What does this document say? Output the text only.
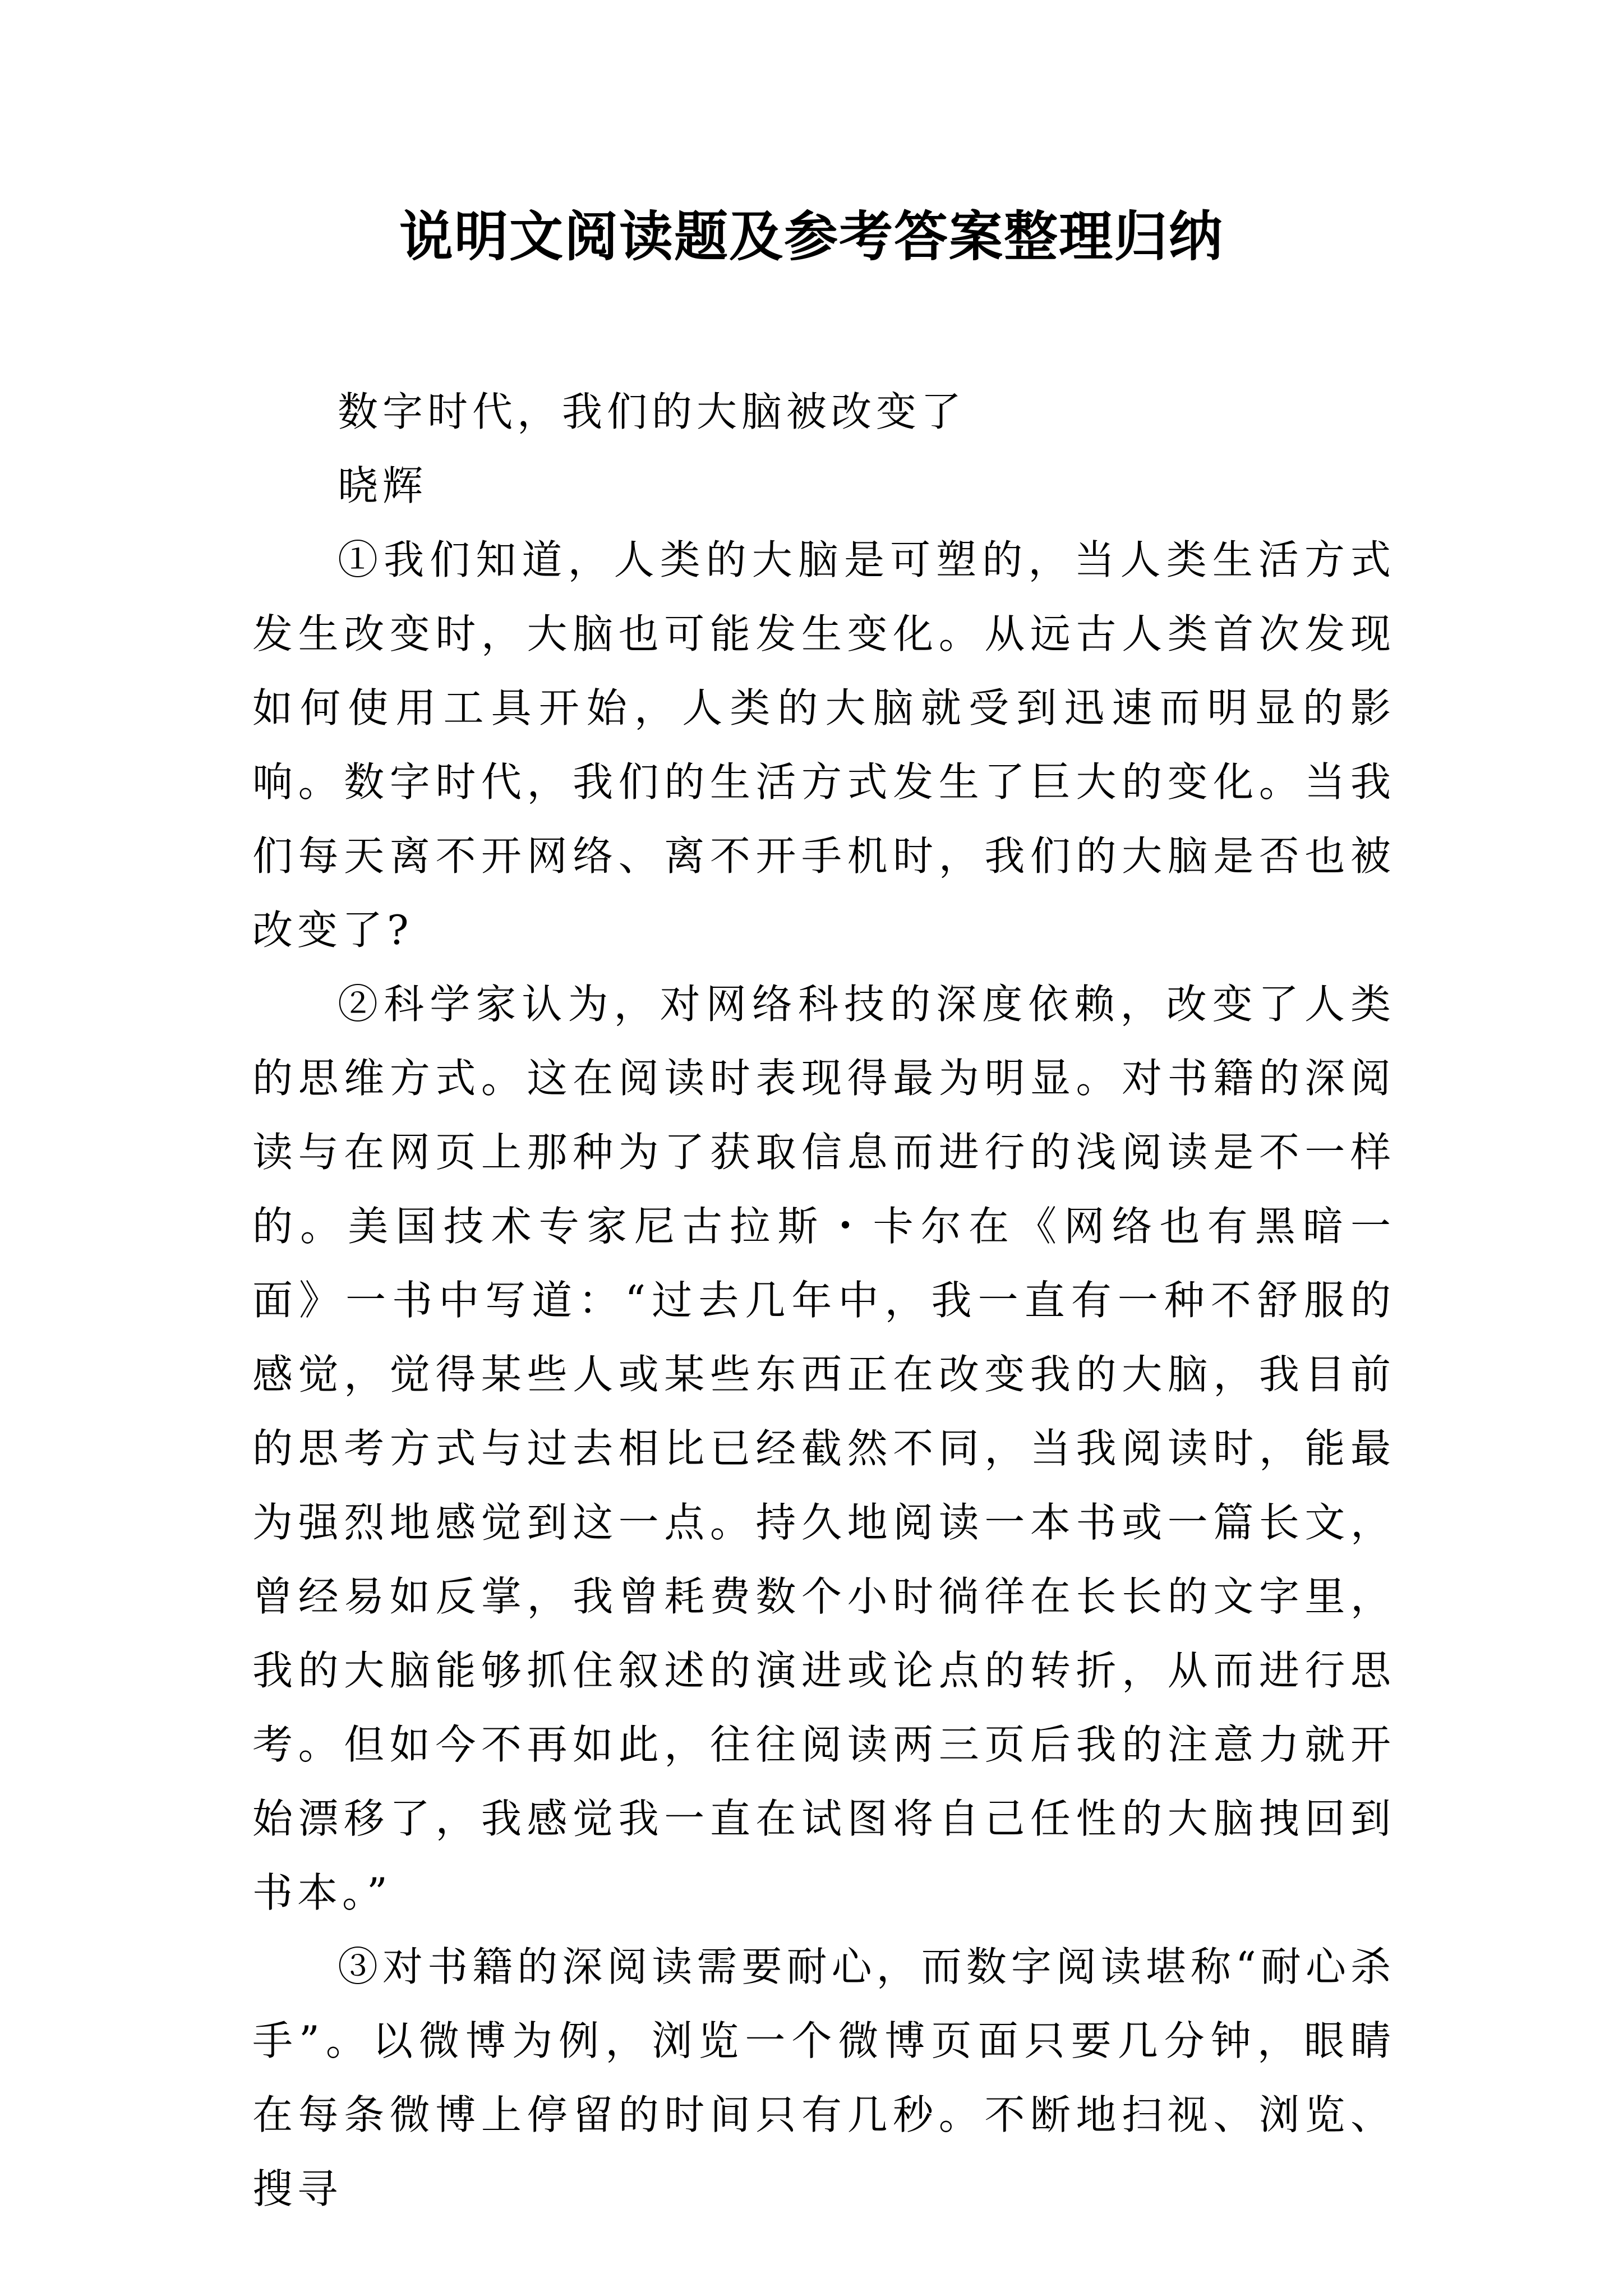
说明文阅读题及参考答案整理归纳

数字时代，我们的大脑被改变了

晓辉

①我们知道，人类的大脑是可塑的，当人类生活方式发生改变时，大脑也可能发生变化。从远古人类首次发现如何使用工具开始，人类的大脑就受到迅速而明显的影响。数字时代，我们的生活方式发生了巨大的变化。当我们每天离不开网络、离不开手机时，我们的大脑是否也被改变了?

②科学家认为，对网络科技的深度依赖，改变了人类的思维方式。这在阅读时表现得最为明显。对书籍的深阅读与在网页上那种为了获取信息而进行的浅阅读是不一样的。美国技术专家尼古拉斯・卡尔在《网络也有黑暗一面》一书中写道：“过去几年中，我一直有一种不舒服的感觉，觉得某些人或某些东西正在改变我的大脑，我目前的思考方式与过去相比已经截然不同，当我阅读时，能最为强烈地感觉到这一点。持久地阅读一本书或一篇长文，曾经易如反掌，我曾耗费数个小时徜徉在长长的文字里，我的大脑能够抓住叙述的演进或论点的转折，从而进行思考。但如今不再如此，往往阅读两三页后我的注意力就开始漂移了，我感觉我一直在试图将自己任性的大脑拽回到书本。”

③对书籍的深阅读需要耐心，而数字阅读堪称“耐心杀手”。以微博为例，浏览一个微博页面只要几分钟，眼睛在每条微博上停留的时间只有几秒。不断地扫视、浏览、搜寻
